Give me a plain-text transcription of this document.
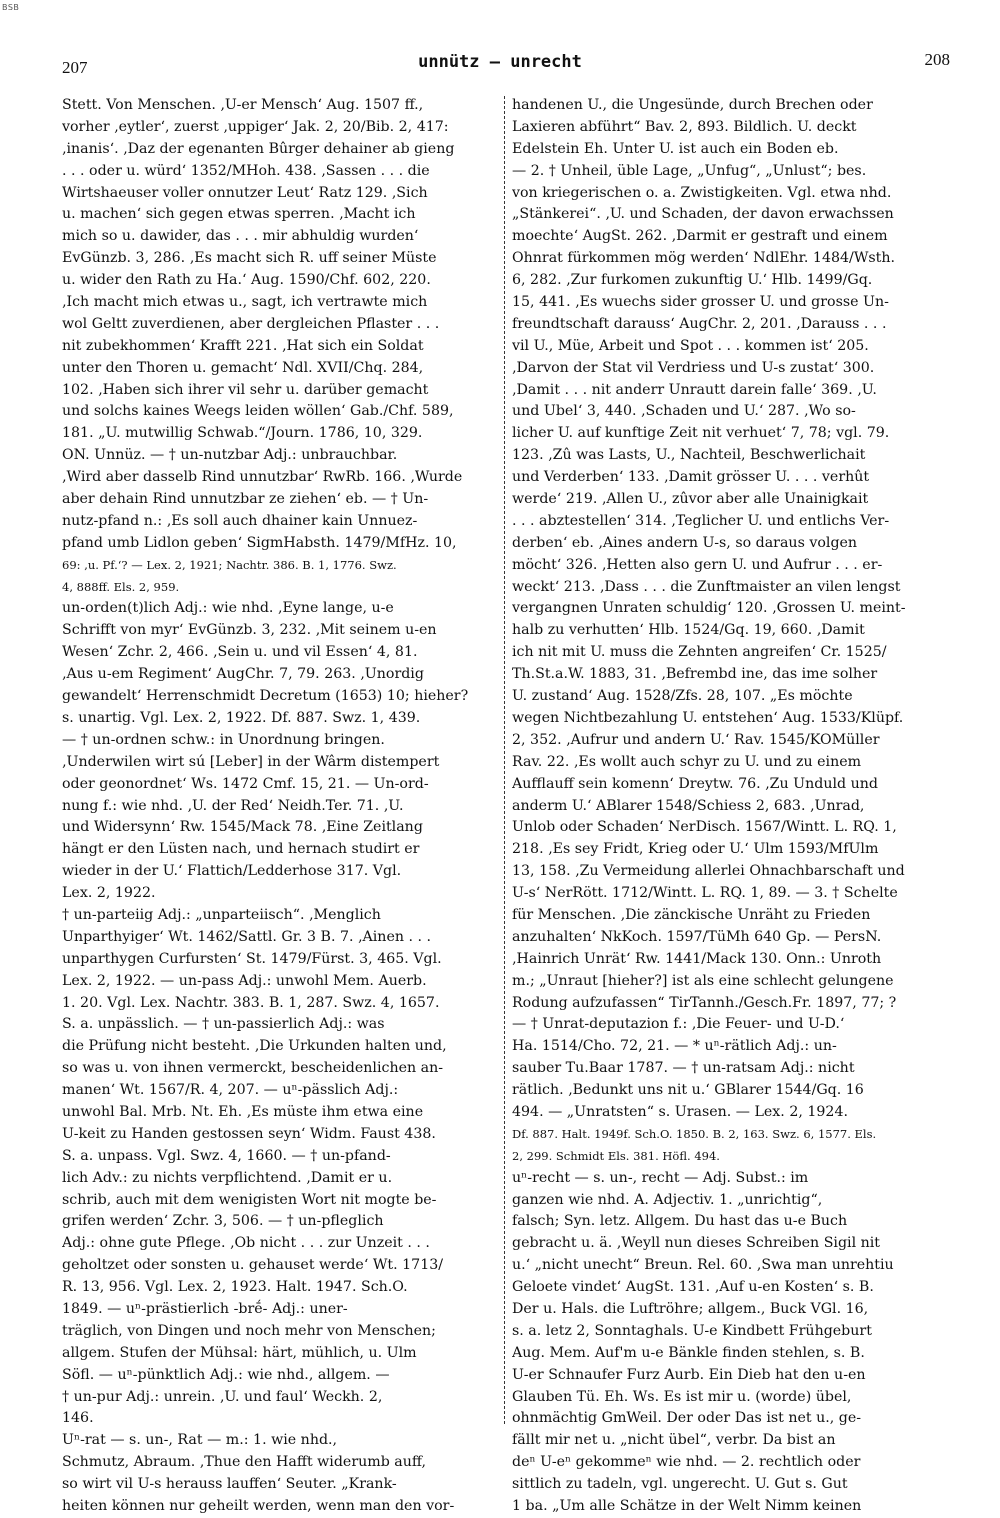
BSB
207	unnütz — unrecht	208
Stett. Von Menschen. ‚U-er Mensch‘ Aug. 1507 ff.,
vorher ‚eytler‘, zuerst ‚uppiger‘ Jak. 2, 20/Bib. 2, 417:
‚inanis‘. ‚Daz der egenanten Bûrger dehainer ab gieng
. . . oder u. würd‘ 1352/MHoh. 438. ‚Sassen . . . die
Wirtshaeuser voller onnutzer Leut‘ Ratz 129. ‚Sich
u. machen‘ sich gegen etwas sperren. ‚Macht ich
mich so u. dawider, das . . . mir abhuldig wurden‘
EvGünzb. 3, 286. ‚Es macht sich R. uff seiner Müste
u. wider den Rath zu Ha.‘ Aug. 1590/Chf. 602, 220.
‚Ich macht mich etwas u., sagt, ich vertrawte mich
wol Geltt zuverdienen, aber dergleichen Pflaster . . .
nit zubekhommen‘ Krafft 221. ‚Hat sich ein Soldat
unter den Thoren u. gemacht‘ Ndl. XVII/Chq. 284,
102. ‚Haben sich ihrer vil sehr u. darüber gemacht
und solchs kaines Weegs leiden wöllen‘ Gab./Chf. 589,
181. „U. mutwillig Schwab.“/Journ. 1786, 10, 329.
ON. Unnüz. — † un-nutzbar Adj.: unbrauchbar.
‚Wird aber dasselb Rind unnutzbar‘ RwRb. 166. ‚Wurde
aber dehain Rind unnutzbar ze ziehen‘ eb. — † Un-
nutz-pfand n.: ‚Es soll auch dhainer kain Unnuez-
pfand umb Lidlon geben‘ SigmHabsth. 1479/MfHz. 10,
69: ‚u. Pf.‘? — Lex. 2, 1921; Nachtr. 386. B. 1, 1776. Swz.
4, 888ff. Els. 2, 959.
un-orden(t)lich Adj.: wie nhd. ‚Eyne lange, u-e
Schrifft von myr‘ EvGünzb. 3, 232. ‚Mit seinem u-en
Wesen‘ Zchr. 2, 466. ‚Sein u. und vil Essen‘ 4, 81.
‚Aus u-em Regiment‘ AugChr. 7, 79. 263. ‚Unordig
gewandelt‘ Herrenschmidt Decretum (1653) 10; hieher?
s. unartig. Vgl. Lex. 2, 1922. Df. 887. Swz. 1, 439.
— † un-ordnen schw.: in Unordnung bringen.
‚Underwilen wirt sú [Leber] in der Wârm distempert
oder geonordnet‘ Ws. 1472 Cmf. 15, 21. — Un-ord-
nung f.: wie nhd. ‚U. der Red‘ Neidh.Ter. 71. ‚U.
und Widersynn‘ Rw. 1545/Mack 78. ‚Eine Zeitlang
hängt er den Lüsten nach, und hernach studirt er
wieder in der U.‘ Flattich/Ledderhose 317. Vgl.
Lex. 2, 1922.
† un-parteiig Adj.: „unparteiisch“. ‚Menglich
Unparthyiger‘ Wt. 1462/Sattl. Gr. 3 B. 7. ‚Ainen . . .
unparthygen Curfursten‘ St. 1479/Fürst. 3, 465. Vgl.
Lex. 2, 1922. — un-pass Adj.: unwohl Mem. Auerb.
1. 20. Vgl. Lex. Nachtr. 383. B. 1, 287. Swz. 4, 1657.
S. a. unpässlich. — † un-passierlich Adj.: was
die Prüfung nicht besteht. ‚Die Urkunden halten und,
so was u. von ihnen vermerckt, bescheidenlichen an-
manen‘ Wt. 1567/R. 4, 207. — uⁿ-pässlich Adj.:
unwohl Bal. Mrb. Nt. Eh. ‚Es müste ihm etwa eine
U-keit zu Handen gestossen seyn‘ Widm. Faust 438.
S. a. unpass. Vgl. Swz. 4, 1660. — † un-pfand-
lich Adv.: zu nichts verpflichtend. ‚Damit er u.
schrib, auch mit dem wenigisten Wort nit mogte be-
grifen werden‘ Zchr. 3, 506. — † un-pfleglich
Adj.: ohne gute Pflege. ‚Ob nicht . . . zur Unzeit . . .
geholtzet oder sonsten u. gehauset werde‘ Wt. 1713/
R. 13, 956. Vgl. Lex. 2, 1923. Halt. 1947. Sch.O.
1849. — uⁿ-prästierlich -brḗ- Adj.: uner-
träglich, von Dingen und noch mehr von Menschen;
allgem. Stufen der Mühsal: härt, mühlich, u. Ulm
Söfl. — uⁿ-pünktlich Adj.: wie nhd., allgem. —
† un-pur Adj.: unrein. ‚U. und faul‘ Weckh. 2,
146.
Uⁿ-rat — s. un-, Rat — m.: 1. wie nhd.,
Schmutz, Abraum. ‚Thue den Hafft widerumb auff,
so wirt vil U-s herauss lauffen‘ Seuter. „Krank-
heiten können nur geheilt werden, wenn man den vor-
handenen U., die Ungesünde, durch Brechen oder
Laxieren abführt“ Bav. 2, 893. Bildlich. U. deckt
Edelstein Eh. Unter U. ist auch ein Boden eb.
— 2. † Unheil, üble Lage, „Unfug“, „Unlust“; bes.
von kriegerischen o. a. Zwistigkeiten. Vgl. etwa nhd.
„Stänkerei“. ‚U. und Schaden, der davon erwachssen
moechte‘ AugSt. 262. ‚Darmit er gestraft und einem
Ohnrat fürkommen mög werden‘ NdlEhr. 1484/Wsth.
6, 282. ‚Zur furkomen zukunftig U.‘ Hlb. 1499/Gq.
15, 441. ‚Es wuechs sider grosser U. und grosse Un-
freundtschaft darauss‘ AugChr. 2, 201. ‚Darauss . . .
vil U., Müe, Arbeit und Spot . . . kommen ist‘ 205.
‚Darvon der Stat vil Verdriess und U-s zustat‘ 300.
‚Damit . . . nit anderr Unrautt darein falle‘ 369. ‚U.
und Ubel‘ 3, 440. ‚Schaden und U.‘ 287. ‚Wo so-
licher U. auf kunftige Zeit nit verhuet‘ 7, 78; vgl. 79.
123. ‚Zû was Lasts, U., Nachteil, Beschwerlichait
und Verderben‘ 133. ‚Damit grösser U. . . . verhût
werde‘ 219. ‚Allen U., zûvor aber alle Unainigkait
. . . abztestellen‘ 314. ‚Teglicher U. und entlichs Ver-
derben‘ eb. ‚Aines andern U-s, so daraus volgen
möcht‘ 326. ‚Hetten also gern U. und Aufrur . . . er-
weckt‘ 213. ‚Dass . . . die Zunftmaister an vilen lengst
vergangnen Unraten schuldig‘ 120. ‚Grossen U. meint-
halb zu verhutten‘ Hlb. 1524/Gq. 19, 660. ‚Damit
ich nit mit U. muss die Zehnten angreifen‘ Cr. 1525/
Th.St.a.W. 1883, 31. ‚Befrembd ine, das ime solher
U. zustand‘ Aug. 1528/Zfs. 28, 107. „Es möchte
wegen Nichtbezahlung U. entstehen‘ Aug. 1533/Klüpf.
2, 352. ‚Aufrur und andern U.‘ Rav. 1545/KOMüller
Rav. 22. ‚Es wollt auch schyr zu U. und zu einem
Aufflauff sein komenn‘ Dreytw. 76. ‚Zu Unduld und
anderm U.‘ ABlarer 1548/Schiess 2, 683. ‚Unrad,
Unlob oder Schaden‘ NerDisch. 1567/Wintt. L. RQ. 1,
218. ‚Es sey Fridt, Krieg oder U.‘ Ulm 1593/MfUlm
13, 158. ‚Zu Vermeidung allerlei Ohnachbarschaft und
U-s‘ NerRött. 1712/Wintt. L. RQ. 1, 89. — 3. † Schelte
für Menschen. ‚Die zänckische Unräht zu Frieden
anzuhalten‘ NkKoch. 1597/TüMh 640 Gp. — PersN.
‚Hainrich Unrät‘ Rw. 1441/Mack 130. Onn.: Unroth
m.; „Unraut [hieher?] ist als eine schlecht gelungene
Rodung aufzufassen“ TirTannh./Gesch.Fr. 1897, 77; ?
— † Unrat-deputazion f.: ‚Die Feuer- und U-D.‘
Ha. 1514/Cho. 72, 21. — * uⁿ-rätlich Adj.: un-
sauber Tu.Baar 1787. — † un-ratsam Adj.: nicht
rätlich. ‚Bedunkt uns nit u.‘ GBlarer 1544/Gq. 16
494. — „Unratsten“ s. Urasen. — Lex. 2, 1924.
Df. 887. Halt. 1949f. Sch.O. 1850. B. 2, 163. Swz. 6, 1577. Els.
2, 299. Schmidt Els. 381. Höfl. 494.
uⁿ-recht — s. un-, recht — Adj. Subst.: im
ganzen wie nhd. A. Adjectiv. 1. „unrichtig“,
falsch; Syn. letz. Allgem. Du hast das u-e Buch
gebracht u. ä. ‚Weyll nun dieses Schreiben Sigil nit
u.‘ „nicht unecht“ Breun. Rel. 60. ‚Swa man unrehtiu
Geloete vindet‘ AugSt. 131. ‚Auf u-en Kosten‘ s. B.
Der u. Hals. die Luftröhre; allgem., Buck VGl. 16,
s. a. letz 2, Sonntaghals. U-e Kindbett Frühgeburt
Aug. Mem. Auf'm u-e Bänkle finden stehlen, s. B.
U-er Schnaufer Furz Aurb. Ein Dieb hat den u-en
Glauben Tü. Eh. Ws. Es ist mir u. (worde) übel,
ohnmächtig GmWeil. Der oder Das ist net u., ge-
fällt mir net u. „nicht übel“, verbr. Da bist an
deⁿ U-eⁿ gekommeⁿ wie nhd. — 2. rechtlich oder
sittlich zu tadeln, vgl. ungerecht. U. Gut s. Gut
1 ba. „Um alle Schätze in der Welt Nimm keinen
